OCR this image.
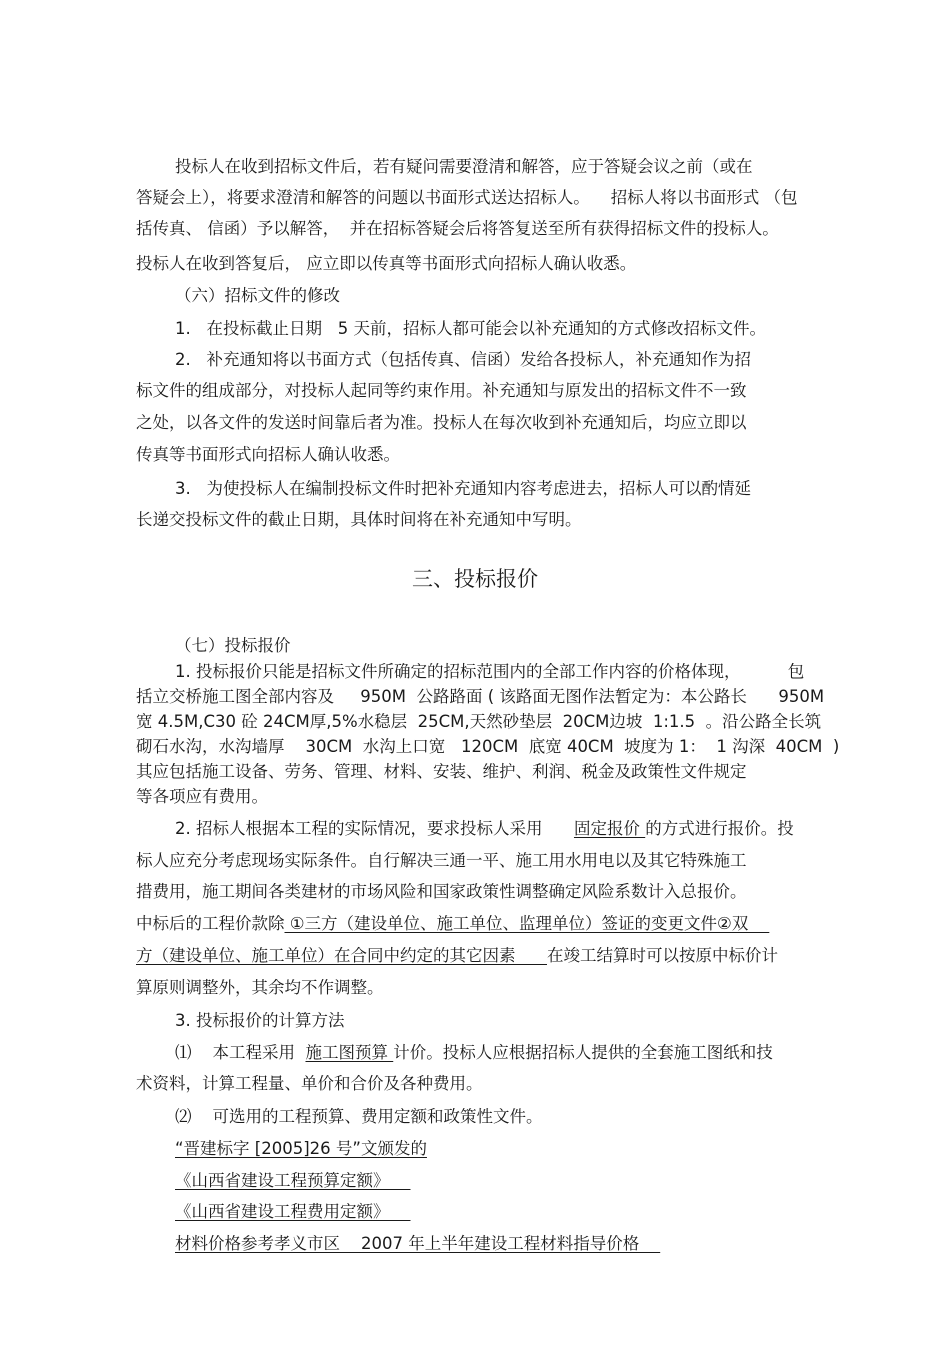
投标人在收到招标文件后，若有疑问需要澄清和解答，应于答疑会议之前（或在
答疑会上），将要求澄清和解答的问题以书面形式送达招标人。    招标人将以书面形式 （包
括传真、 信函）予以解答，  并在招标答疑会后将答复送至所有获得招标文件的投标人。
投标人在收到答复后， 应立即以传真等书面形式向招标人确认收悉。
（六）招标文件的修改
1.   在投标截止日期   5 天前，招标人都可能会以补充通知的方式修改招标文件。
2.   补充通知将以书面方式（包括传真、信函）发给各投标人，补充通知作为招
标文件的组成部分，对投标人起同等约束作用。补充通知与原发出的招标文件不一致
之处，以各文件的发送时间靠后者为准。投标人在每次收到补充通知后，均应立即以
传真等书面形式向招标人确认收悉。
3.   为使投标人在编制投标文件时把补充通知内容考虑进去，招标人可以酌情延
长递交投标文件的截止日期，具体时间将在补充通知中写明。
三、投标报价
（七）投标报价
1. 投标报价只能是招标文件所确定的招标范围内的全部工作内容的价格体现，         包
括立交桥施工图全部内容及     950M  公路路面 ( 该路面无图作法暂定为：本公路长      950M
宽 4.5M,C30 砼 24CM厚,5%水稳层  25CM,天然砂垫层  20CM边坡  1:1.5  。沿公路全长筑
砌石水沟，水沟墙厚    30CM  水沟上口宽   120CM  底宽 40CM  坡度为 1：  1 沟深  40CM  )
其应包括施工设备、劳务、管理、材料、安装、维护、利润、税金及政策性文件规定
等各项应有费用。
2. 招标人根据本工程的实际情况，要求投标人采用      固定报价 的方式进行报价。投
标人应充分考虑现场实际条件。自行解决三通一平、施工用水用电以及其它特殊施工
措费用，施工期间各类建材的市场风险和国家政策性调整确定风险系数计入总报价。
中标后的工程价款除 ①三方（建设单位、施工单位、监理单位）签证的变更文件②双
方（建设单位、施工单位）在合同中约定的其它因素      在竣工结算时可以按原中标价计
算原则调整外，其余均不作调整。
3. 投标报价的计算方法
⑴    本工程采用  施工图预算 计价。投标人应根据招标人提供的全套施工图纸和技
术资料，计算工程量、单价和合价及各种费用。
⑵    可选用的工程预算、费用定额和政策性文件。
“晋建标字 [2005]26 号”文颁发的
《山西省建设工程预算定额》
《山西省建设工程费用定额》
材料价格参考孝义市区    2007 年上半年建设工程材料指导价格
